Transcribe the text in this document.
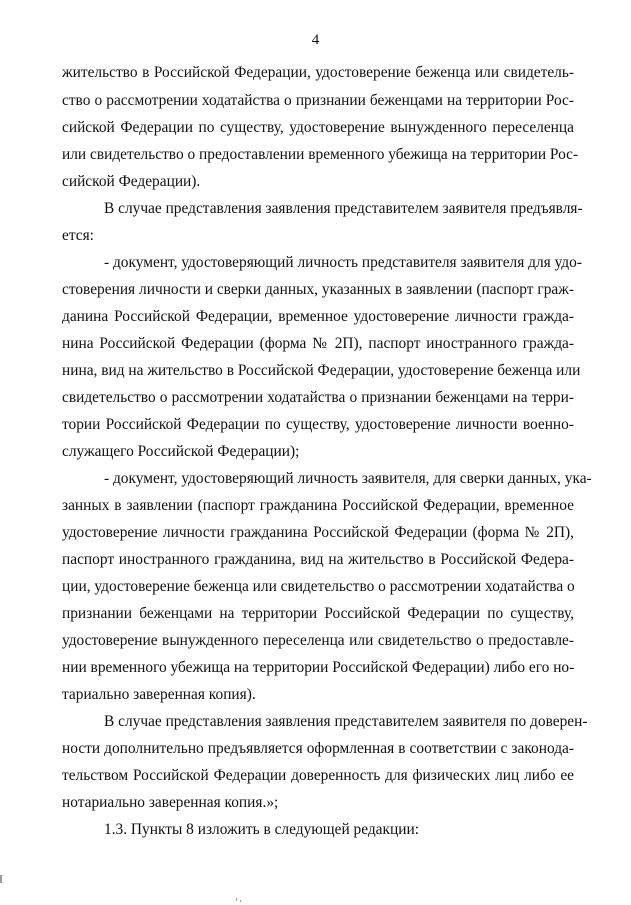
4
жительство в Российской Федерации, удостоверение беженца или свидетель-
ство о рассмотрении ходатайства о признании беженцами на территории Рос-
сийской Федерации по существу, удостоверение вынужденного переселенца
или свидетельство о предоставлении временного убежища на территории Рос-
сийской Федерации).
В случае представления заявления представителем заявителя предъявля-
ется:
- документ, удостоверяющий личность представителя заявителя для удо-
стоверения личности и сверки данных, указанных в заявлении (паспорт граж-
данина Российской Федерации, временное удостоверение личности гражда-
нина Российской Федерации (форма № 2П), паспорт иностранного гражда-
нина, вид на жительство в Российской Федерации, удостоверение беженца или
свидетельство о рассмотрении ходатайства о признании беженцами на терри-
тории Российской Федерации по существу, удостоверение личности военно-
служащего Российской Федерации);
- документ, удостоверяющий личность заявителя, для сверки данных, ука-
занных в заявлении (паспорт гражданина Российской Федерации, временное
удостоверение личности гражданина Российской Федерации (форма № 2П),
паспорт иностранного гражданина, вид на жительство в Российской Федера-
ции, удостоверение беженца или свидетельство о рассмотрении ходатайства о
признании беженцами на территории Российской Федерации по существу,
удостоверение вынужденного переселенца или свидетельство о предоставле-
нии временного убежища на территории Российской Федерации) либо его но-
тариально заверенная копия).
В случае представления заявления представителем заявителя по доверен-
ности дополнительно предъявляется оформленная в соответствии с законода-
тельством Российской Федерации доверенность для физических лиц либо ее
нотариально заверенная копия.»;
1.3. Пункты 8 изложить в следующей редакции:
